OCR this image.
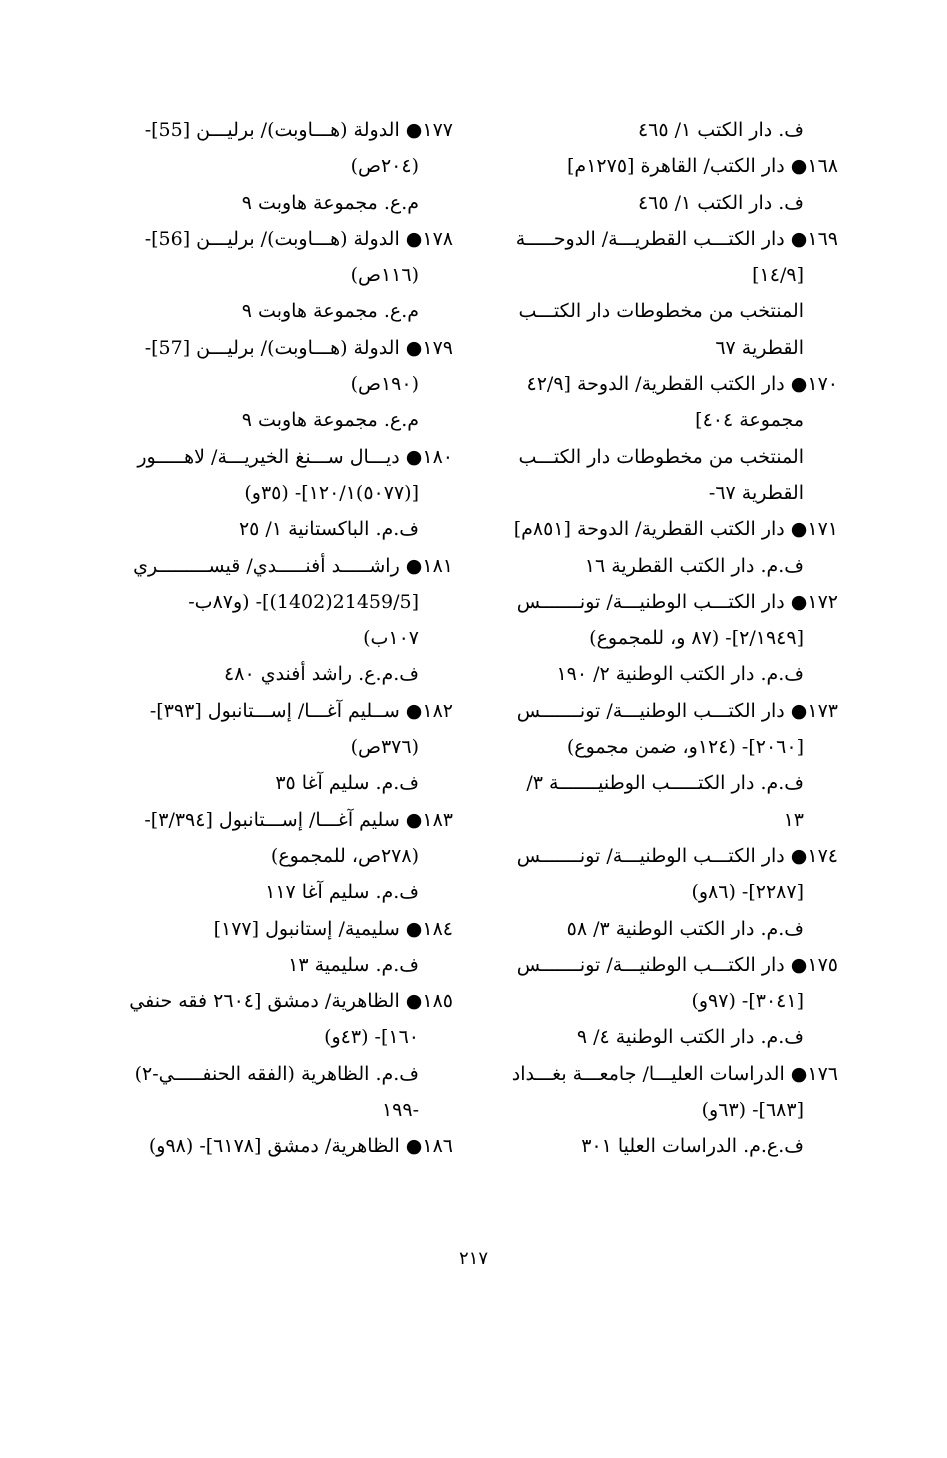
ف. دار الكتب ١/ ٤٦٥
١٦٨● دار الكتب/ القاهرة [١٢٧٥م]
ف. دار الكتب ١/ ٤٦٥
١٦٩● دار الكتـــب القطريـــة/ الدوحـــــة
[١٤/٩]
المنتخب من مخطوطات دار الكتـــب
القطرية ٦٧
١٧٠● دار الكتب القطرية/ الدوحة [٤٢/٩
مجموعة ٤٠٤]
المنتخب من مخطوطات دار الكتـــب
القطرية ٦٧-
١٧١● دار الكتب القطرية/ الدوحة [٨٥١م]
ف.م. دار الكتب القطرية ١٦
١٧٢● دار الكتـــب الوطنيـــة/ تونـــــــس
[٢/١٩٤٩]- (٨٧ و، للمجموع)
ف.م. دار الكتب الوطنية ٢/ ١٩٠
١٧٣● دار الكتـــب الوطنيـــة/ تونـــــــس
[٢٠٦٠]- (١٢٤و، ضمن مجموع)
ف.م. دار الكتـــــب الوطنيـــــــة ٣/
١٣
١٧٤● دار الكتـــب الوطنيـــة/ تونـــــــس
[٢٢٨٧]- (٨٦و)
ف.م. دار الكتب الوطنية ٣/ ٥٨
١٧٥● دار الكتـــب الوطنيـــة/ تونـــــــس
[٣٠٤١]- (٩٧و)
ف.م. دار الكتب الوطنية ٤/ ٩
١٧٦● الدراسات العليـــا/ جامعـــة بغـــداد
[٦٨٣]- (٦٣و)
ف.ع.م. الدراسات العليا ٣٠١
١٧٧● الدولة (هـــاوبت)/ برليـــن [55]-
(٢٠٤ص)
م.ع. مجموعة هاوبت ٩
١٧٨● الدولة (هـــاوبت)/ برليـــن [56]-
(١١٦ص)
م.ع. مجموعة هاوبت ٩
١٧٩● الدولة (هـــاوبت)/ برليـــن [57]-
(١٩٠ص)
م.ع. مجموعة هاوبت ٩
١٨٠● ديـــال ســـنغ الخيريـــة/ لاهـــــور
[(٥٠٧٧)١٢٠/١]- (٣٥و)
ف.م. الباكستانية ١/ ٢٥
١٨١● راشـــــد أفنـــــدي/ قيســـــــــري
[21459/5(1402)]- (و٨٧ب-
١٠٧ب)
ف.م.ع. راشد أفندي ٤٨٠
١٨٢● ســليم آغـــا/ إســـتانبول [٣٩٣]-
(٣٧٦ص)
ف.م. سليم آغا ٣٥
١٨٣● سليم آغـــا/ إســـتانبول [٣/٣٩٤]-
(٢٧٨ص، للمجموع)
ف.م. سليم آغا ١١٧
١٨٤● سليمية/ إستانبول [١٧٧]
ف.م. سليمية ١٣
١٨٥● الظاهرية/ دمشق [٢٦٠٤ فقه حنفي
١٦٠]- (٤٣و)
ف.م. الظاهرية (الفقه الحنفـــــي-٢)
-١٩٩
١٨٦● الظاهرية/ دمشق [٦١٧٨]- (٩٨و)
٢١٧
